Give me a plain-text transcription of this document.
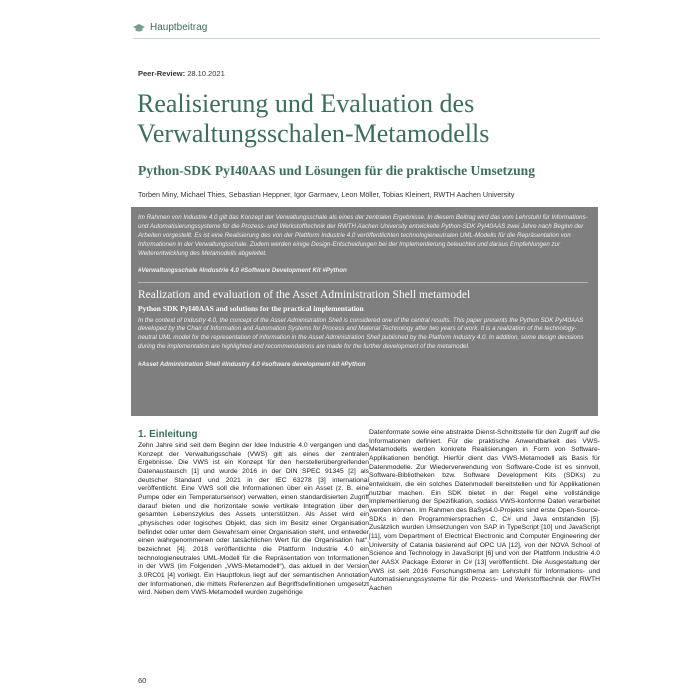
Hauptbeitrag
Peer-Review: 28.10.2021
Realisierung und Evaluation des Verwaltungsschalen-Metamodells
Python-SDK PyI40AAS und Lösungen für die praktische Umsetzung
Torben Miny, Michael Thies, Sebastian Heppner, Igor Garmaev, Leon Möller, Tobias Kleinert, RWTH Aachen University
Im Rahmen von Industrie 4.0 gilt das Konzept der Verwaltungsschale als eines der zentralen Ergebnisse. In diesem Beitrag wird das vom Lehrstuhl für Informations- und Automatisierungssysteme für die Prozess- und Werkstofftechnik der RWTH Aachen University entwickelte Python-SDK PyI40AAS zwei Jahre nach Beginn der Arbeiten vorgestellt. Es ist eine Realisierung des von der Plattform Industrie 4.0 veröffentlichten technologieneutralen UML-Modells für die Repräsentation von Informationen in der Verwaltungsschale. Zudem werden einige Design-Entscheidungen bei der Implementierung beleuchtet und daraus Empfehlungen zur Weiterentwicklung des Metamodells abgeleitet.
#Verwaltungsschale #Industrie 4.0 #Software Development Kit #Python
Realization and evaluation of the Asset Administration Shell metamodel
Python SDK PyI40AAS and solutions for the practical implementation
In the context of Industry 4.0, the concept of the Asset Administration Shell is considered one of the central results. This paper presents the Python SDK PyI40AAS developed by the Chair of Information and Automation Systems for Process and Material Technology after two years of work. It is a realization of the technology-neutral UML model for the representation of information in the Asset Administration Shell published by the Platform Industry 4.0. In addition, some design decisions during the implementation are highlighted and recommendations are made for the further development of the metamodel.
#Asset Administration Shell #Industry 4.0 #software development kit #Python
1. Einleitung

Zehn Jahre sind seit dem Beginn der Idee Industrie 4.0 vergangen und das Konzept der Verwaltungsschale (VWS) gilt als eines der zentralen Ergebnisse. Die VWS ist ein Konzept für den herstellerübergreifenden Datenaustausch [1] und wurde 2016 in der DIN SPEC 91345 [2] als deutscher Standard und 2021 in der IEC 63278 [3] international veröffentlicht. Eine VWS soll die Informationen über ein Asset (z. B. eine Pumpe oder ein Temperatursensor) verwalten, einen standardisierten Zugriff darauf bieten und die horizontale sowie vertikale Integration über den gesamten Lebenszyklus des Assets unterstützen. Als Asset wird ein „physisches oder logisches Objekt, das sich im Besitz einer Organisation befindet oder unter dem Gewahrsam einer Organisation steht, und entweder einen wahrgenommenen oder tatsächlichen Wert für die Organisation hat“, bezeichnet [4]. 2018 veröffentlichte die Plattform Industrie 4.0 ein technologieneutrales UML-Modell für die Repräsentation von Informationen in der VWS (im Folgenden „VWS-Metamodell“), das aktuell in der Version 3.0RC01 [4] vorliegt. Ein Hauptfokus liegt auf der semantischen Annotation der Informationen, die mittels Referenzen auf Begriffsdefinitionen umgesetzt wird. Neben dem VWS-Metamodell wurden zugehörige

Datenformate sowie eine abstrakte Dienst-Schnittstelle für den Zugriff auf die Informationen definiert. Für die praktische Anwendbarkeit des VWS-Metamodells werden konkrete Realisierungen in Form von Software-Applikationen benötigt. Hierfür dient das VWS-Metamodell als Basis für Datenmodelle. Zur Wiederverwendung von Software-Code ist es sinnvoll, Software-Bibliotheken bzw. Software Development Kits (SDKs) zu entwickeln, die ein solches Datenmodell bereitstellen und für Applikationen nutzbar machen. Ein SDK bietet in der Regel eine vollständige Implementierung der Spezifikation, sodass VWS-konforme Daten verarbeitet werden können. Im Rahmen des BaSys4.0-Projekts sind erste Open-Source-SDKs in den Programmiersprachen C, C# und Java entstanden [5]. Zusätzlich wurden Umsetzungen von SAP in TypeScript [10] und JavaScript [11], vom Department of Electrical Electronic and Computer Engineering der University of Catania basierend auf OPC UA [12], von der NOVA School of Science and Technology in JavaScript [6] und von der Plattform Industrie 4.0 der AASX Package Exlorer in C# [13] veröffentlicht. Die Ausgestaltung der VWS ist seit 2016 Forschungsthema am Lehrstuhl für Informations- und Automatisierungssysteme für die Prozess- und Werkstofftechnik der RWTH Aachen

60
